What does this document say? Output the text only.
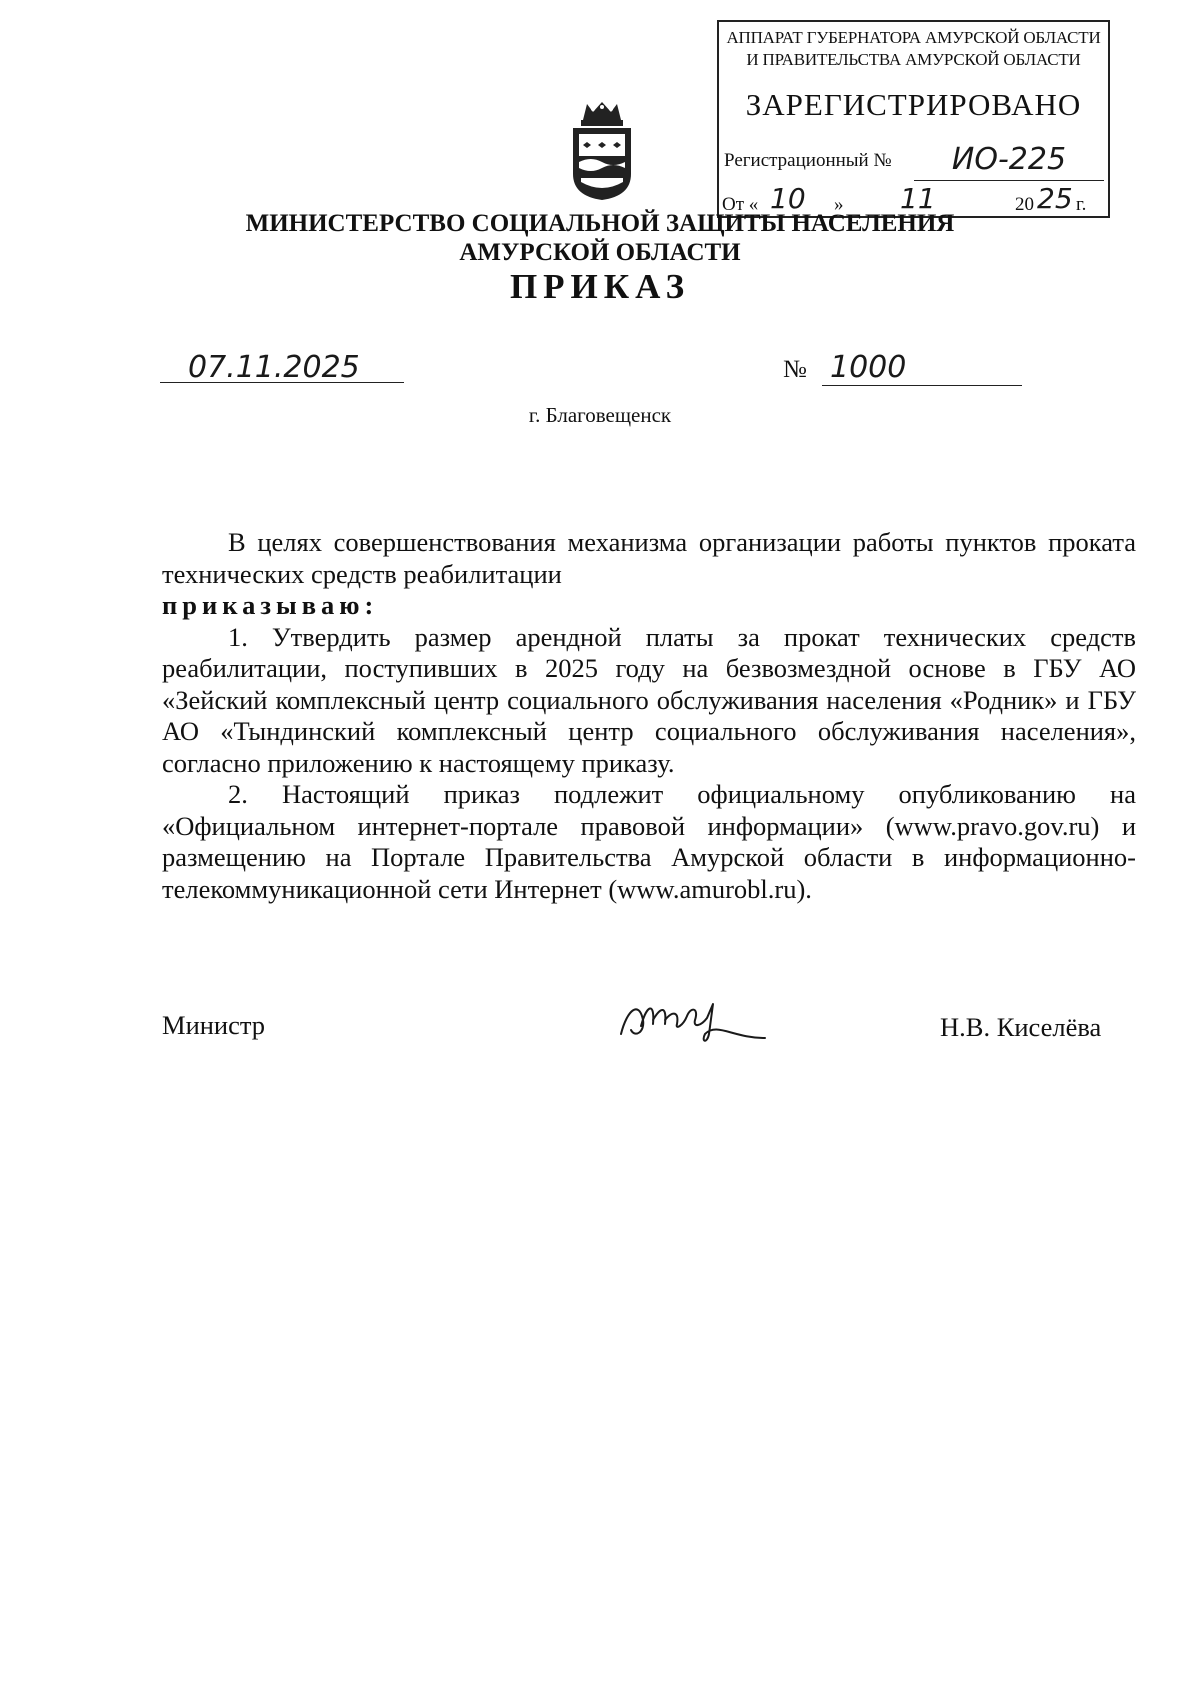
АППАРАТ ГУБЕРНАТОРА АМУРСКОЙ ОБЛАСТИ
И ПРАВИТЕЛЬСТВА АМУРСКОЙ ОБЛАСТИ
ЗАРЕГИСТРИРОВАНО
Регистрационный №	ИО-225
От « 10 » 11	20 25 г.
МИНИСТЕРСТВО СОЦИАЛЬНОЙ ЗАЩИТЫ НАСЕЛЕНИЯ
АМУРСКОЙ ОБЛАСТИ
ПРИКАЗ
07.11.2025	№ 1000
г. Благовещенск

В целях совершенствования механизма организации работы пунктов проката технических средств реабилитации

приказываю:

1. Утвердить размер арендной платы за прокат технических средств реабилитации, поступивших в 2025 году на безвозмездной основе в ГБУ АО «Зейский комплексный центр социального обслуживания населения «Родник» и ГБУ АО «Тындинский комплексный центр социального обслуживания населения», согласно приложению к настоящему приказу.

2. Настоящий приказ подлежит официальному опубликованию на «Официальном интернет-портале правовой информации» (www.pravo.gov.ru) и размещению на Портале Правительства Амурской области в информационно-телекоммуникационной сети Интернет (www.amurobl.ru).

Министр	Н.В. Киселёва
